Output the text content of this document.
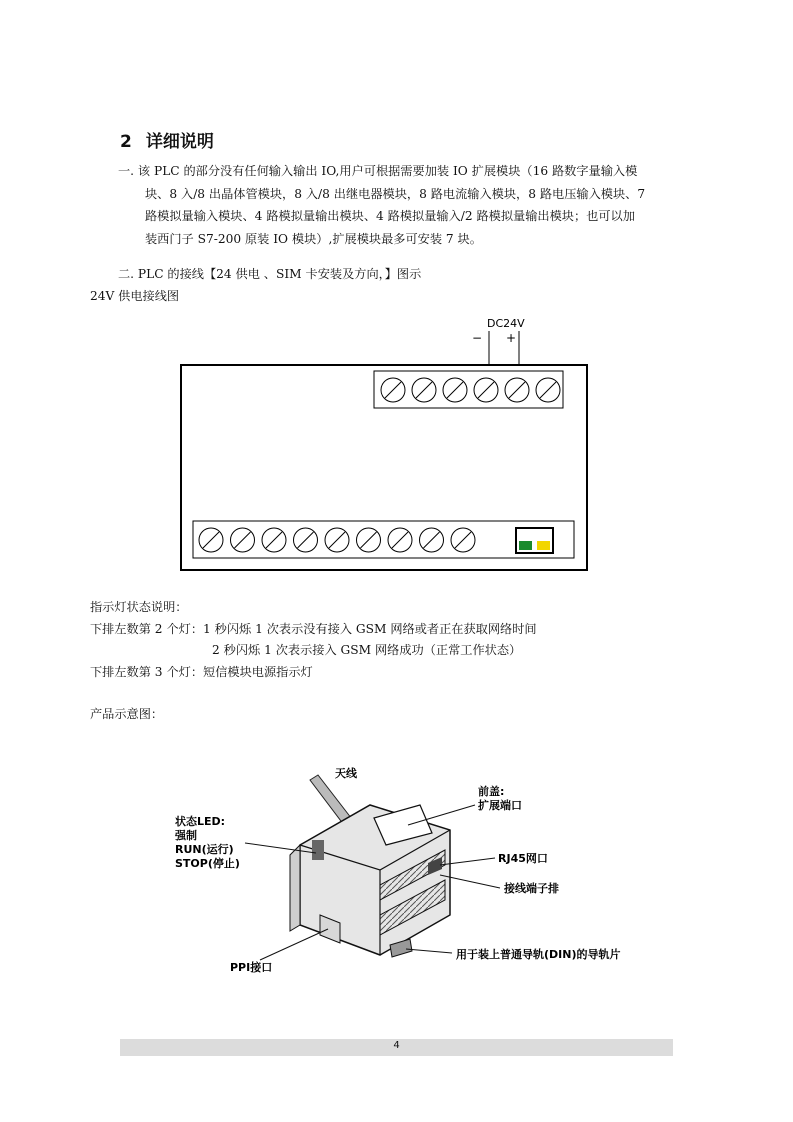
2 详细说明
一. 该 PLC 的部分没有任何输入输出 IO,用户可根据需要加装 IO 扩展模块（16 路数字量输入模
块、8 入/8 出晶体管模块，8 入/8 出继电器模块，8 路电流输入模块，8 路电压输入模块、7
路模拟量输入模块、4 路模拟量输出模块、4 路模拟量输入/2 路模拟量输出模块；也可以加
装西门子 S7-200 原装 IO 模块）,扩展模块最多可安装 7 块。
二. PLC 的接线【24 供电 、SIM 卡安装及方向，】图示
24V 供电接线图
DC24V
− +
指示灯状态说明：
下排左数第 2 个灯：1 秒闪烁 1 次表示没有接入 GSM 网络或者正在获取网络时间
2 秒闪烁 1 次表示接入 GSM 网络成功（正常工作状态）
下排左数第 3 个灯：短信模块电源指示灯
产品示意图：
天线
前盖:
扩展端口
状态LED:
强制
RUN(运行)
STOP(停止)	RJ45网口
接线端子排
用于装上普通导轨(DIN)的导轨片
PPI接口
4
